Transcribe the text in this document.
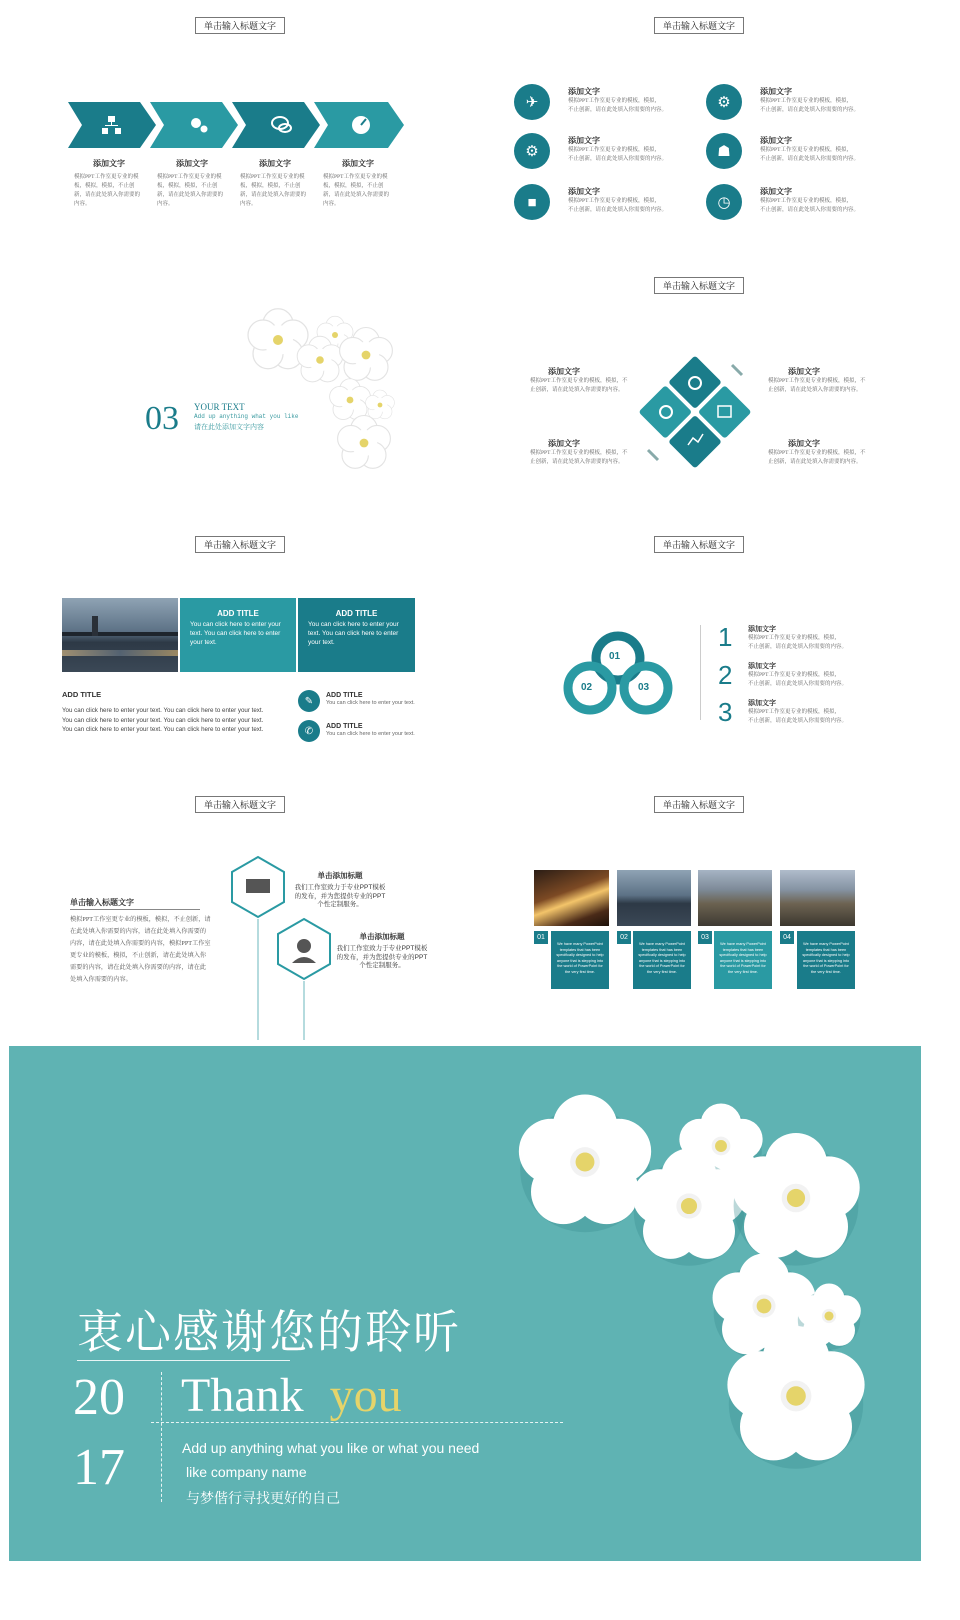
单击输入标题文字	单击输入标题文字
单击输入标题文字
单击输入标题文字	单击输入标题文字
单击输入标题文字	单击输入标题文字
添加文字
模拟PPT工作室更专业的模板，模拟，模拟，不止创新，请在此处填入你需要的内容。
添加文字
模拟PPT工作室更专业的模板，模拟，模拟，不止创新，请在此处填入你需要的内容。
添加文字
模拟PPT工作室更专业的模板，模拟，模拟，不止创新，请在此处填入你需要的内容。
添加文字
模拟PPT工作室更专业的模板，模拟，模拟，不止创新，请在此处填入你需要的内容。
✈
添加文字
模拟PPT工作室更专业的模板，模拟，
不止创新，请在此处填入你需要的内容。	⚙
添加文字
模拟PPT工作室更专业的模板，模拟，
不止创新，请在此处填入你需要的内容。
⚙
添加文字
模拟PPT工作室更专业的模板，模拟，
不止创新，请在此处填入你需要的内容。	☗
添加文字
模拟PPT工作室更专业的模板，模拟，
不止创新，请在此处填入你需要的内容。
■
添加文字
模拟PPT工作室更专业的模板，模拟，
不止创新，请在此处填入你需要的内容。	◷
添加文字
模拟PPT工作室更专业的模板，模拟，
不止创新，请在此处填入你需要的内容。
03 YOUR TEXT
Add up anything what you like
请在此处添加文字内容
添加文字
模拟PPT工作室更专业的模板，模拟，不
止创新，请在此处填入你需要的内容。
添加文字
模拟PPT工作室更专业的模板，模拟，不
止创新，请在此处填入你需要的内容。
添加文字
模拟PPT工作室更专业的模板，模拟，不
止创新，请在此处填入你需要的内容。
添加文字
模拟PPT工作室更专业的模板，模拟，不
止创新，请在此处填入你需要的内容。
ADD TITLE
You can click here to enter your text. You can click here to enter your text.
ADD TITLE
You can click here to enter your text. You can click here to enter your text.
ADD TITLE
You can click here to enter your text. You can click here to enter your text. You can click here to enter your text. You can click here to enter your text. You can click here to enter your text. You can click here to enter your text.
✎	ADD TITLE
You can click here to enter your text.
✆	ADD TITLE
You can click here to enter your text.
01
02	03
1 添加文字
模拟PPT工作室更专业的模板，模拟，
不止创新，请在此处填入你需要的内容。
2 添加文字
模拟PPT工作室更专业的模板，模拟，
不止创新，请在此处填入你需要的内容。
3 添加文字
模拟PPT工作室更专业的模板，模拟，
不止创新，请在此处填入你需要的内容。
单击输入标题文字
模拟PPT工作室更专业的模板，模拟，不止创新，请在此处填入你需要的内容，请在此处填入你需要的内容，请在此处填入你需要的内容，模拟PPT工作室更专业的模板，模拟，不止创新，请在此处填入你需要的内容，请在此处填入你需要的内容，请在此处填入你需要的内容。
单击添加标题
我们工作室致力于专业PPT模板的发布，并为您提供专业的PPT个性定制服务。
单击添加标题
我们工作室致力于专业PPT模板的发布，并为您提供专业的PPT个性定制服务。
01
We have many PowerPoint templates that has been specifically designed to help anyone that is stepping into the world of PowerPoint for the very first time.
02
We have many PowerPoint templates that has been specifically designed to help anyone that is stepping into the world of PowerPoint for the very first time.
03
We have many PowerPoint templates that has been specifically designed to help anyone that is stepping into the world of PowerPoint for the very first time.
04
We have many PowerPoint templates that has been specifically designed to help anyone that is stepping into the world of PowerPoint for the very first time.
衷心感谢您的聆听
20
17
Thank you
Add up anything what you like or what you need
like company name
与梦偕行寻找更好的自己
